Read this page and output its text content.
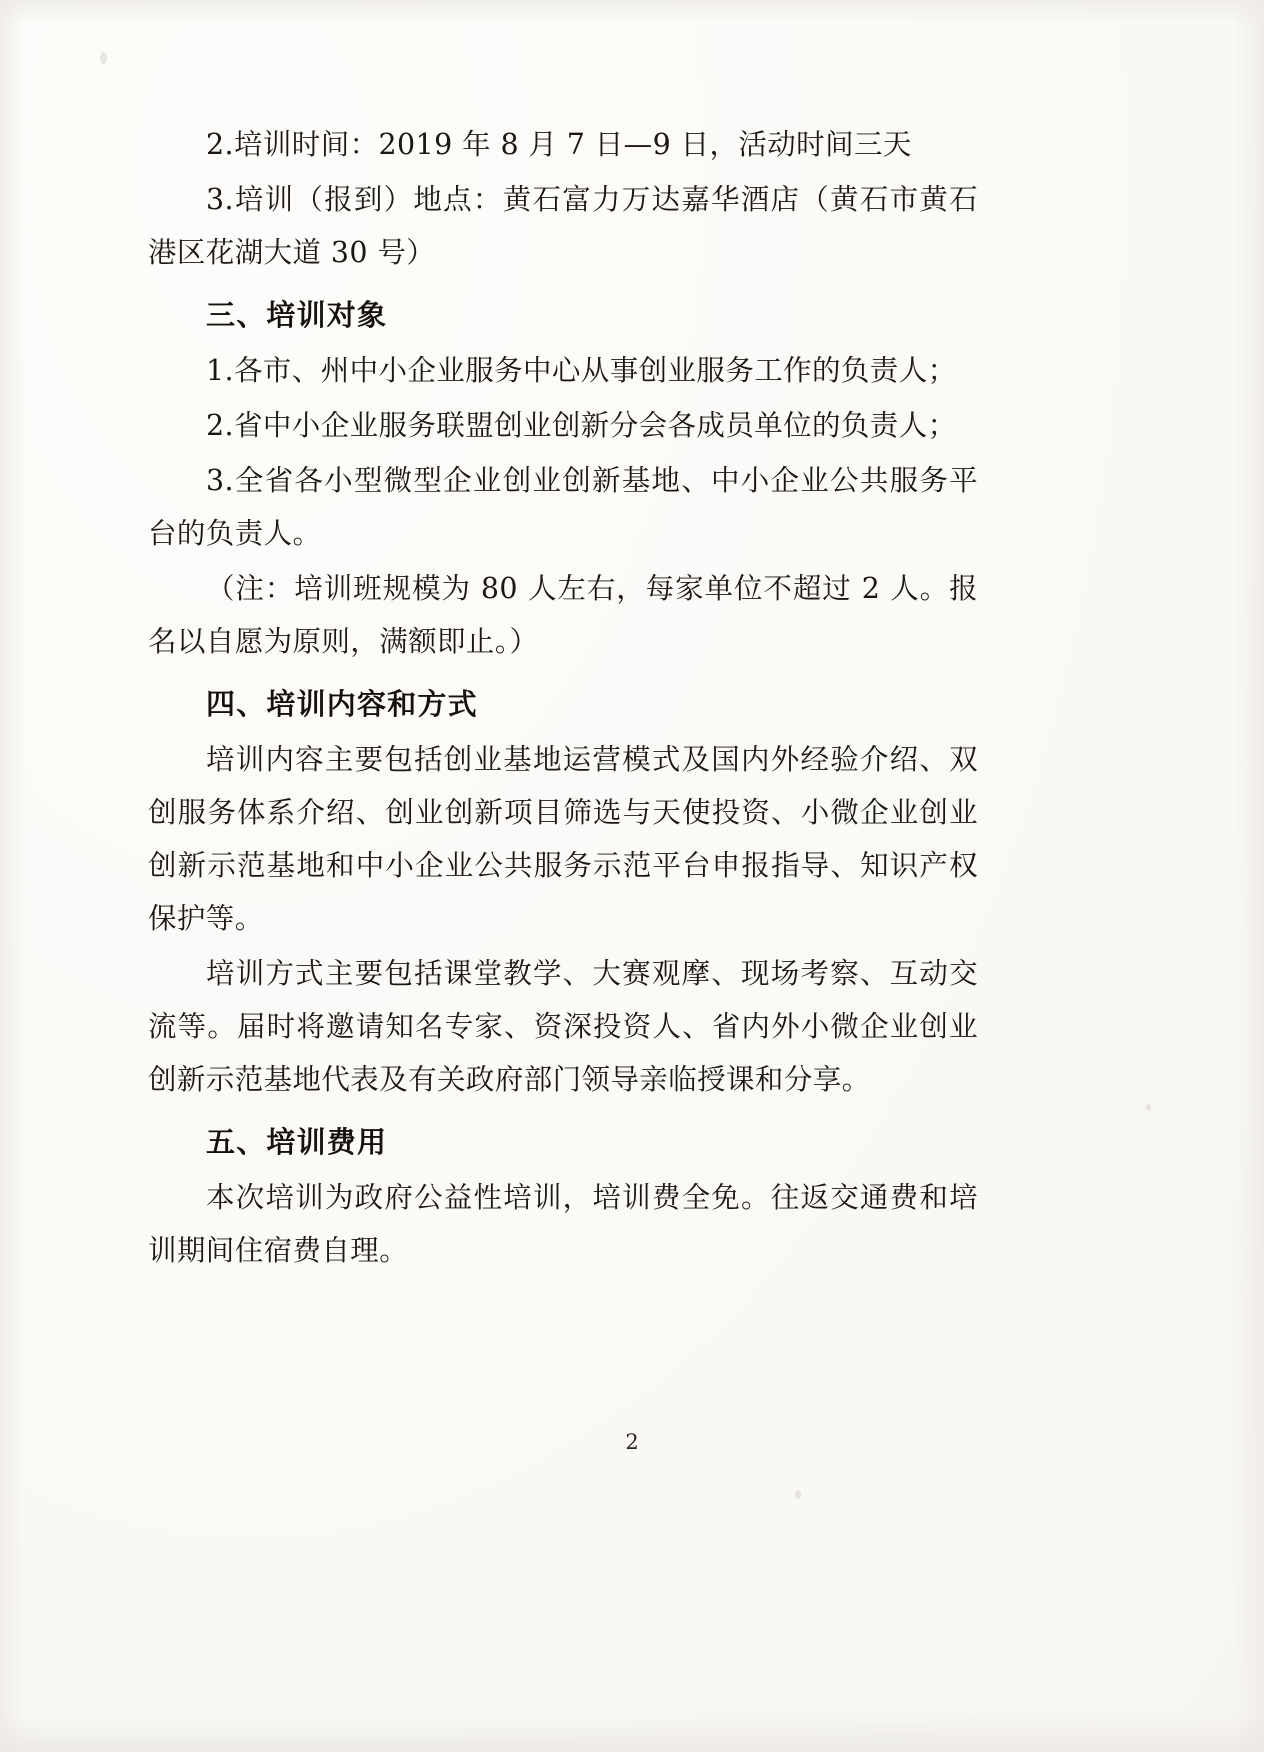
2.培训时间：2019 年 8 月 7 日—9 日，活动时间三天

3.培训（报到）地点：黄石富力万达嘉华酒店（黄石市黄石港区花湖大道 30 号）

三、培训对象

1.各市、州中小企业服务中心从事创业服务工作的负责人；

2.省中小企业服务联盟创业创新分会各成员单位的负责人；

3.全省各小型微型企业创业创新基地、中小企业公共服务平台的负责人。

（注：培训班规模为 80 人左右，每家单位不超过 2 人。报名以自愿为原则，满额即止。）

四、培训内容和方式

培训内容主要包括创业基地运营模式及国内外经验介绍、双创服务体系介绍、创业创新项目筛选与天使投资、小微企业创业创新示范基地和中小企业公共服务示范平台申报指导、知识产权保护等。

培训方式主要包括课堂教学、大赛观摩、现场考察、互动交流等。届时将邀请知名专家、资深投资人、省内外小微企业创业创新示范基地代表及有关政府部门领导亲临授课和分享。

五、培训费用

本次培训为政府公益性培训，培训费全免。往返交通费和培训期间住宿费自理。

2
